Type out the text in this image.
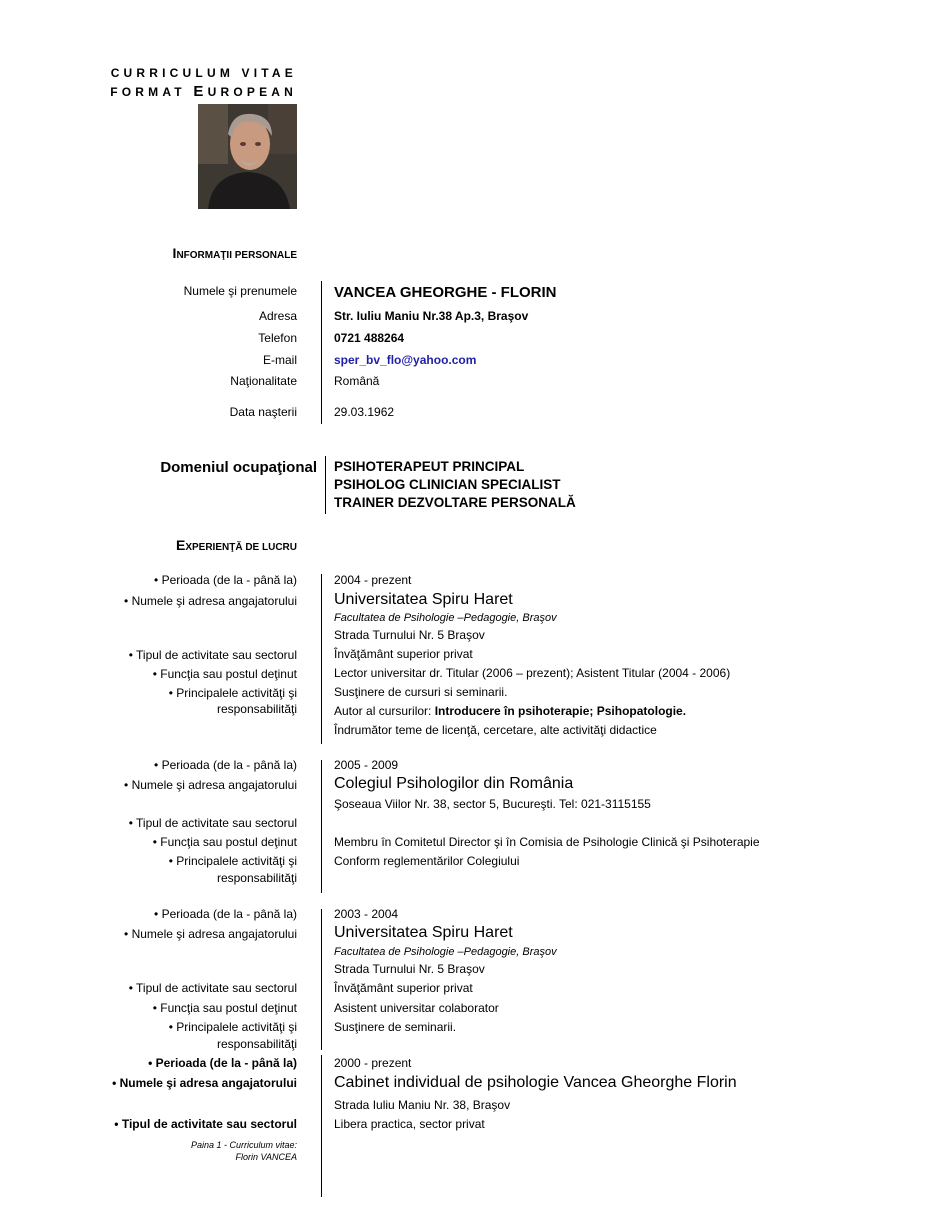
CURRICULUM VITAE
FORMAT EUROPEAN
INFORMAŢII PERSONALE
Numele şi prenumele VANCEA GHEORGHE - FLORIN
Adresa	Str. Iuliu Maniu Nr.38 Ap.3, Braşov
Telefon	0721 488264
E-mail	sper_bv_flo@yahoo.com
Naţionalitate	Română
Data naşterii	29.03.1962
Domeniul ocupaţional PSIHOTERAPEUT PRINCIPAL
PSIHOLOG CLINICIAN SPECIALIST
TRAINER DEZVOLTARE PERSONALĂ
EXPERIENŢĂ DE LUCRU
• Perioada (de la - până la)	2004 - prezent
• Numele şi adresa angajatorului Universitatea Spiru Haret
Facultatea de Psihologie –Pedagogie, Braşov
Strada Turnului Nr. 5 Braşov
• Tipul de activitate sau sectorul	Învăţământ superior privat
• Funcţia sau postul deţinut	Lector universitar dr. Titular (2006 – prezent); Asistent Titular (2004 - 2006)
• Principalele activităţi şi
responsabilităţi
Susţinere de cursuri si seminarii.
Autor al cursurilor: Introducere în psihoterapie; Psihopatologie.
Îndrumător teme de licenţă, cercetare, alte activităţi didactice
• Perioada (de la - până la)	2005 - 2009
• Numele şi adresa angajatorului Colegiul Psihologilor din România
Şoseaua Viilor Nr. 38, sector 5, Bucureşti. Tel: 021-3115155
• Tipul de activitate sau sectorul
• Funcţia sau postul deţinut	Membru în Comitetul Director şi în Comisia de Psihologie Clinică şi Psihoterapie
• Principalele activităţi şi
responsabilităţi
Conform reglementărilor Colegiului
• Perioada (de la - până la)	2003 - 2004
• Numele şi adresa angajatorului Universitatea Spiru Haret
Facultatea de Psihologie –Pedagogie, Braşov
Strada Turnului Nr. 5 Braşov
• Tipul de activitate sau sectorul	Învăţământ superior privat
• Funcţia sau postul deţinut	Asistent universitar colaborator
• Principalele activităţi şi
responsabilităţi
Susţinere de seminarii.
• Perioada (de la - până la)	2000 - prezent
• Numele şi adresa angajatorului Cabinet individual de psihologie Vancea Gheorghe Florin
Strada Iuliu Maniu Nr. 38, Braşov
• Tipul de activitate sau sectorul	Libera practica, sector privat
Paina 1 - Curriculum vitae:
Florin VANCEA
